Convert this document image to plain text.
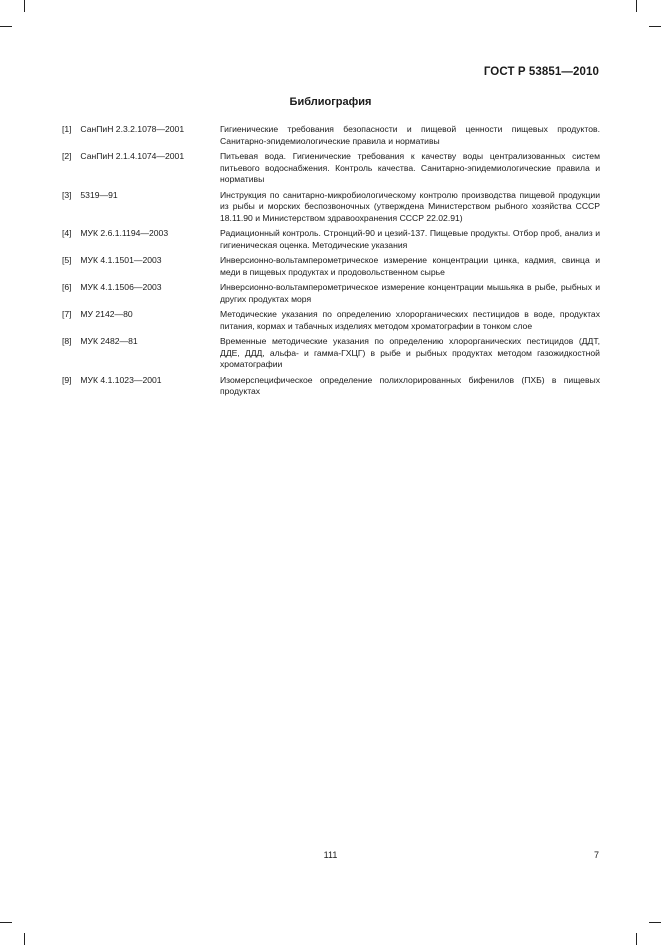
ГОСТ Р 53851—2010
Библиография
[1] СанПиН 2.3.2.1078—2001	Гигиенические требования безопасности и пищевой ценности пищевых продуктов. Санитарно-эпидемиологические правила и нормативы
[2] СанПиН 2.1.4.1074—2001	Питьевая вода. Гигиенические требования к качеству воды централизованных систем питьевого водоснабжения. Контроль качества. Санитарно-эпидемиологические правила и нормативы
[3] 5319—91	Инструкция по санитарно-микробиологическому контролю производства пищевой продукции из рыбы и морских беспозвоночных (утверждена Министерством рыбного хозяйства СССР 18.11.90 и Министерством здравоохранения СССР 22.02.91)
[4] МУК 2.6.1.1194—2003	Радиационный контроль. Стронций-90 и цезий-137. Пищевые продукты. Отбор проб, анализ и гигиеническая оценка. Методические указания
[5] МУК 4.1.1501—2003	Инверсионно-вольтамперометрическое измерение концентрации цинка, кадмия, свинца и меди в пищевых продуктах и продовольственном сырье
[6] МУК 4.1.1506—2003	Инверсионно-вольтамперометрическое измерение концентрации мышьяка в рыбе, рыбных и других продуктах моря
[7] МУ 2142—80	Методические указания по определению хлорорганических пестицидов в воде, продуктах питания, кормах и табачных изделиях методом хроматографии в тонком слое
[8] МУК 2482—81	Временные методические указания по определению хлорорганических пестицидов (ДДТ, ДДЕ, ДДД, альфа- и гамма-ГХЦГ) в рыбе и рыбных продуктах методом газожидкостной хроматографии
[9] МУК 4.1.1023—2001	Изомерспецифическое определение полихлорированных бифенилов (ПХБ) в пищевых продуктах
111	7
